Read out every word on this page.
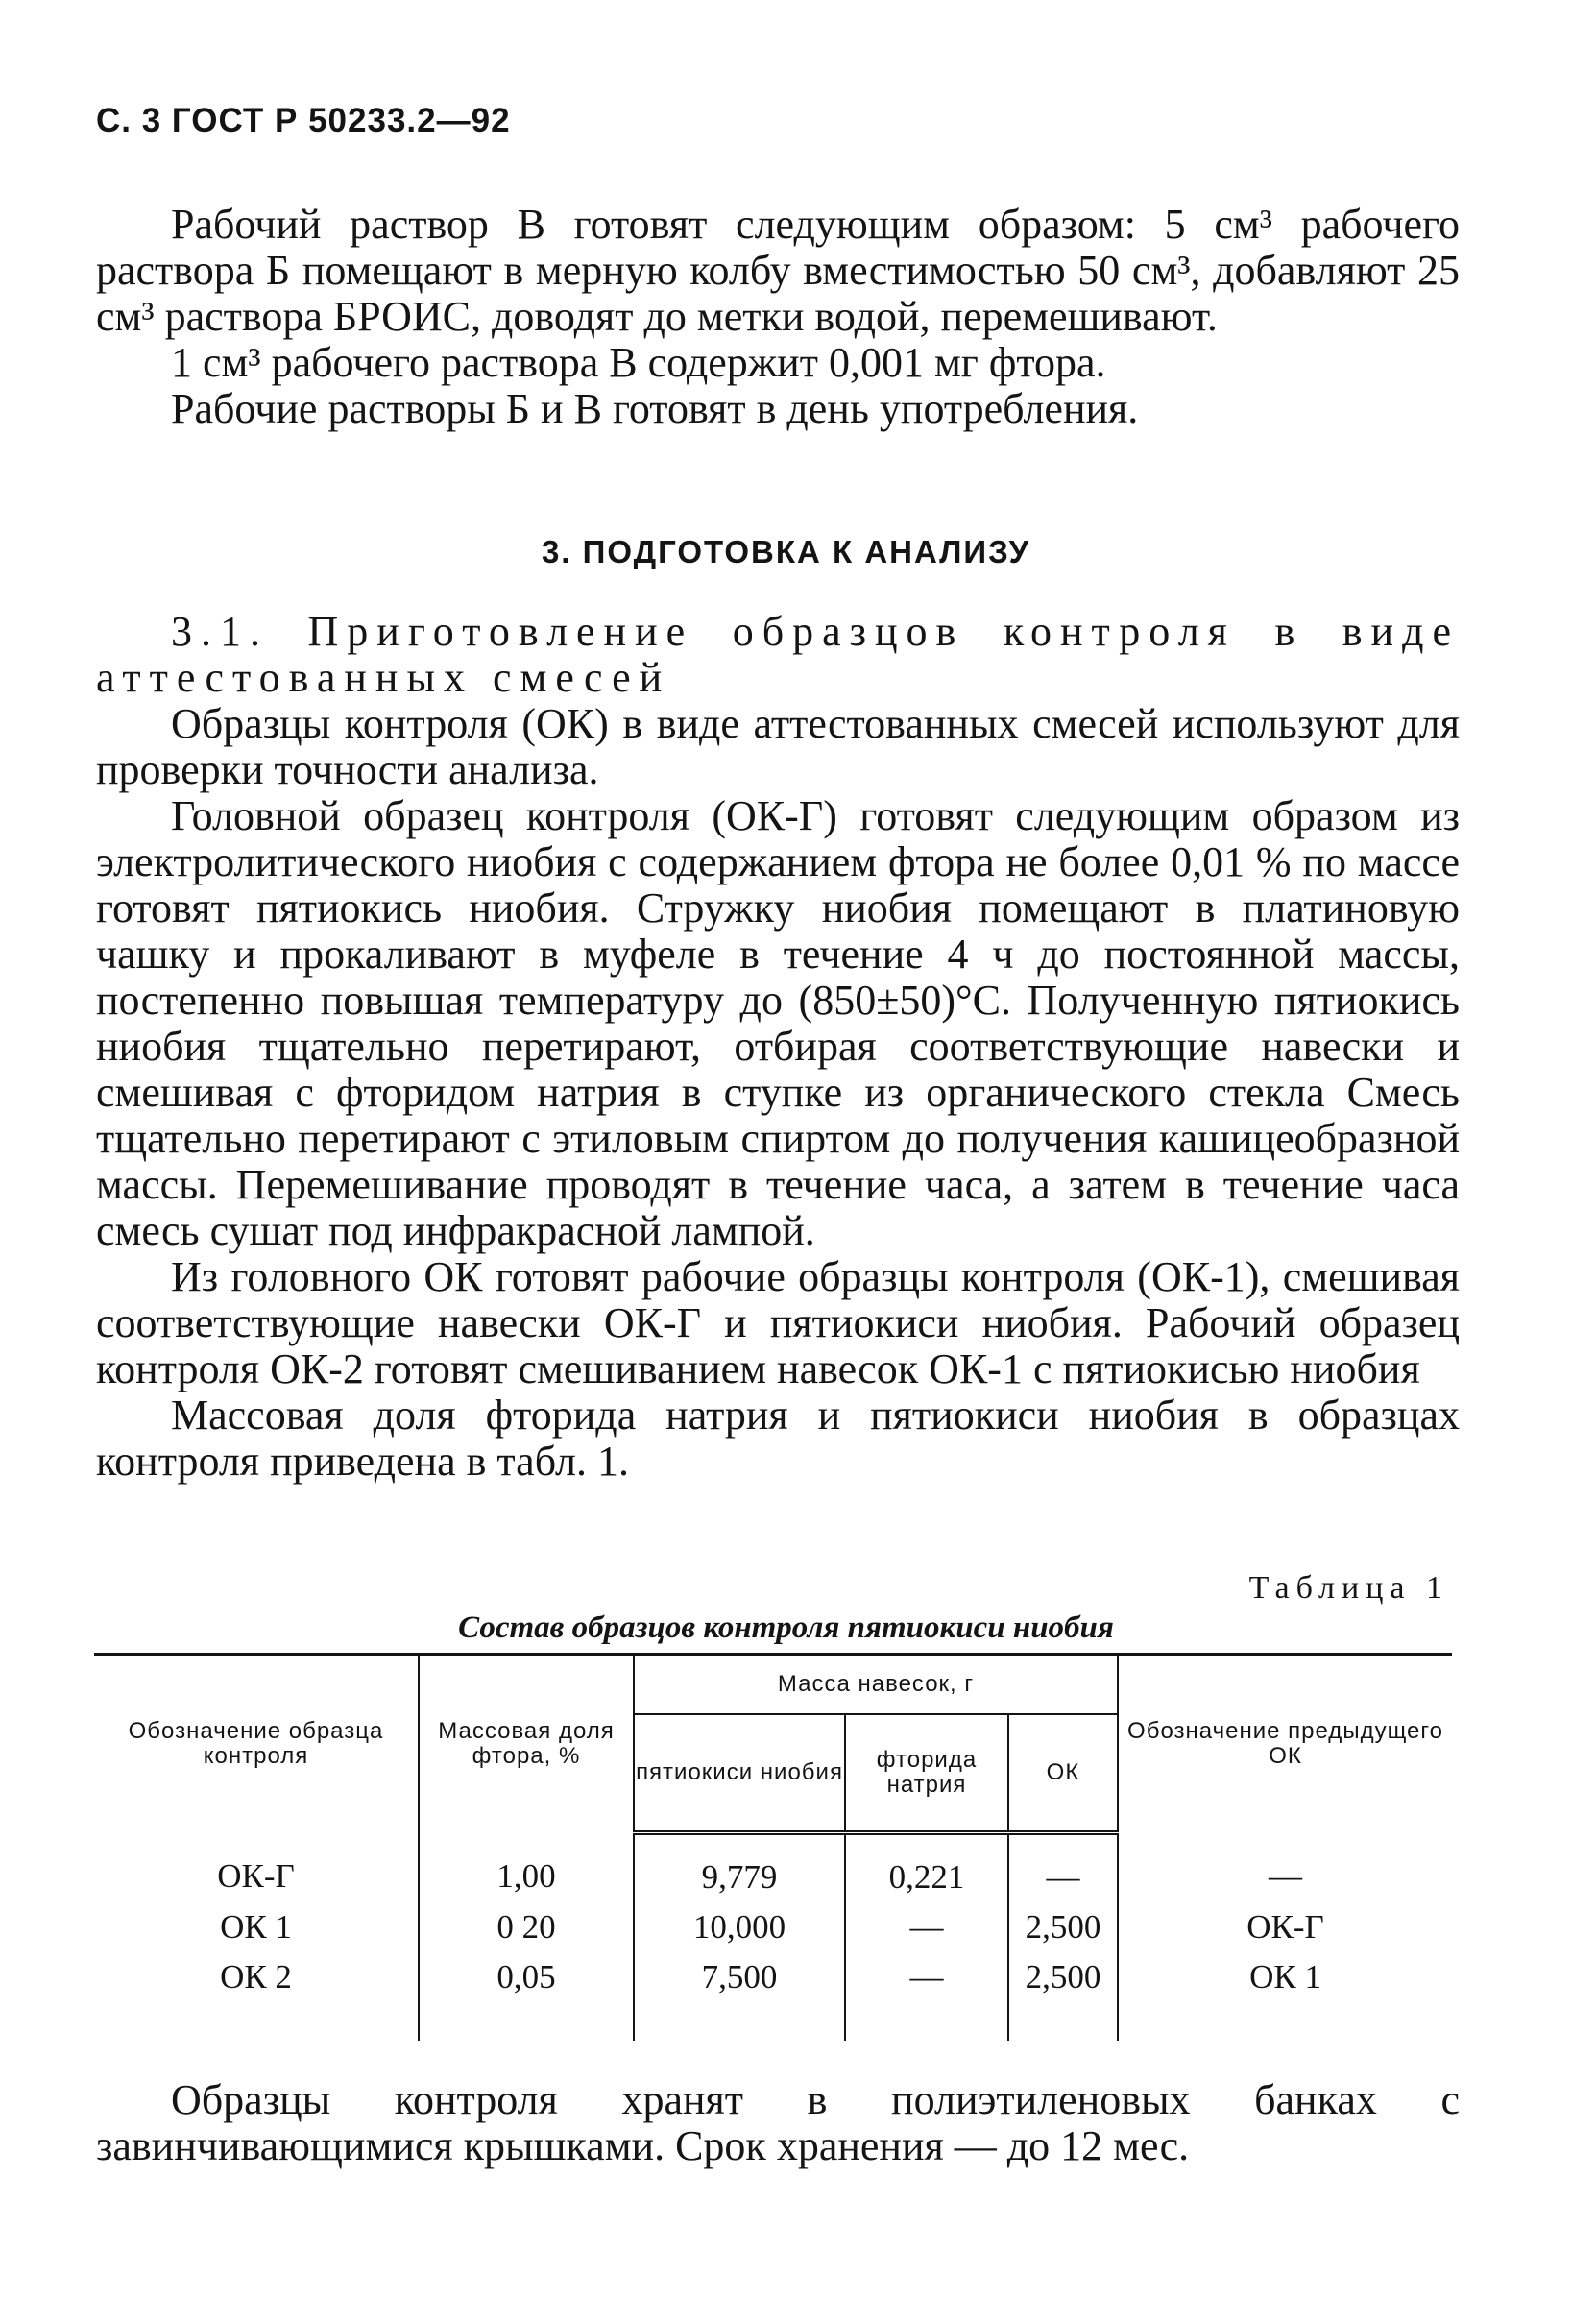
С. 3 ГОСТ Р 50233.2—92

Рабочий раствор В готовят следующим образом: 5 см³ рабочего раствора Б помещают в мерную колбу вместимостью 50 см³, добавляют 25 см³ раствора БРОИС, доводят до метки водой, перемешивают.

1 см³ рабочего раствора В содержит 0,001 мг фтора.

Рабочие растворы Б и В готовят в день употребления.

3. ПОДГОТОВКА К АНАЛИЗУ

3.1. Приготовление образцов контроля в виде аттестованных смесей

Образцы контроля (ОК) в виде аттестованных смесей используют для проверки точности анализа.

Головной образец контроля (ОК-Г) готовят следующим образом из электролитического ниобия с содержанием фтора не более 0,01 % по массе готовят пятиокись ниобия. Стружку ниобия помещают в платиновую чашку и прокаливают в муфеле в течение 4 ч до постоянной массы, постепенно повышая температуру до (850±50)°С. Полученную пятиокись ниобия тщательно перетирают, отбирая соответствующие навески и смешивая с фторидом натрия в ступке из органического стекла Смесь тщательно перетирают с этиловым спиртом до получения кашицеобразной массы. Перемешивание проводят в течение часа, а затем в течение часа смесь сушат под инфракрасной лампой.

Из головного ОК готовят рабочие образцы контроля (ОК-1), смешивая соответствующие навески ОК-Г и пятиокиси ниобия. Рабочий образец контроля ОК-2 готовят смешиванием навесок ОК-1 с пятиокисью ниобия

Массовая доля фторида натрия и пятиокиси ниобия в образцах контроля приведена в табл. 1.

Таблица 1
Состав образцов контроля пятиокиси ниобия
Обозначение образца контроля	Массовая доля фтора, %	Масса навесок, г			Обозначение предыдущего ОК
		пятиокиси ниобия	фторида натрия	ОК	
ОК-Г	1,00	9,779	0,221	—	—
ОК 1	0 20	10,000	—	2,500	ОК-Г
ОК 2	0,05	7,500	—	2,500	ОК 1

Образцы контроля хранят в полиэтиленовых банках с завинчивающимися крышками. Срок хранения — до 12 мес.
